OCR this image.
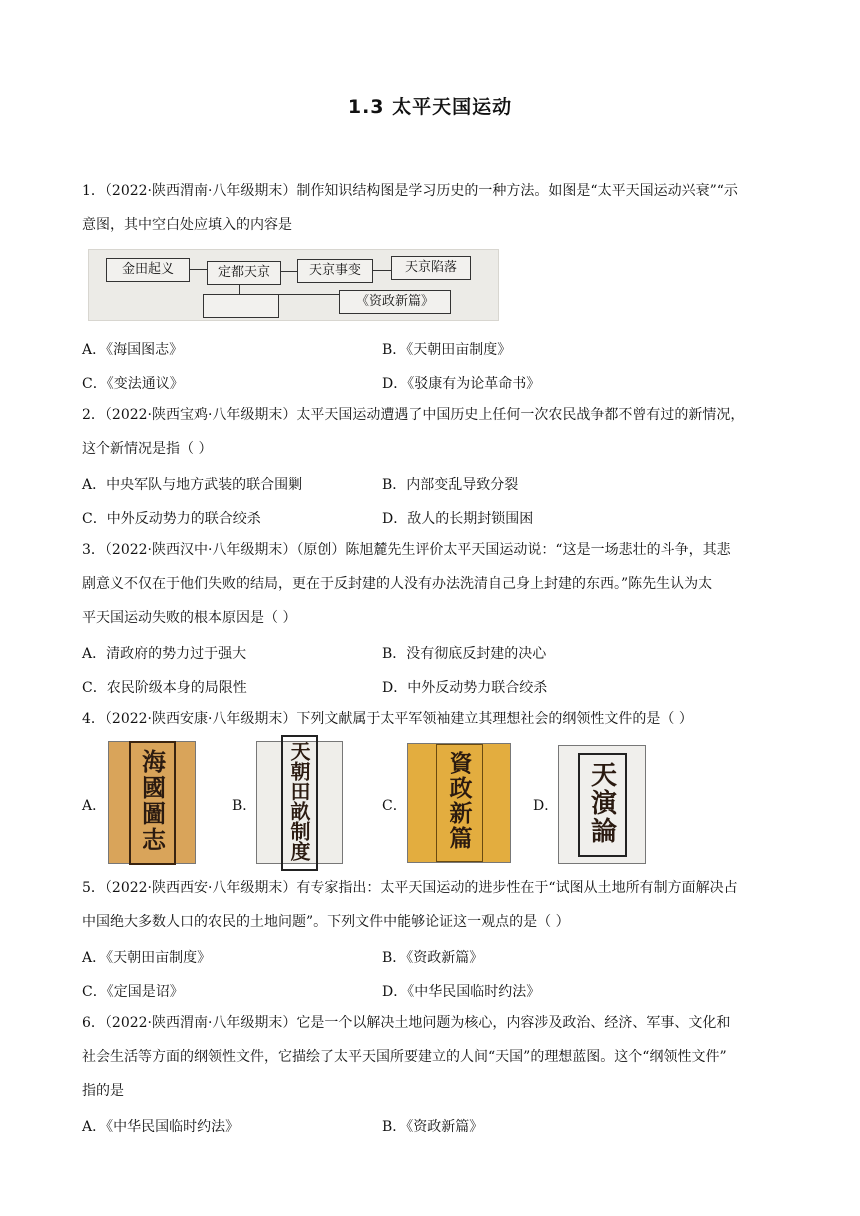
1.3 太平天国运动
1．（2022·陕西渭南·八年级期末）制作知识结构图是学习历史的一种方法。如图是“太平天国运动兴衰”“示
意图，其中空白处应填入的内容是
金田起义	定都天京	天京事变	天京陷落
《资政新篇》
A．《海国图志》	B．《天朝田亩制度》
C．《变法通议》	D．《驳康有为论革命书》
2．（2022·陕西宝鸡·八年级期末）太平天国运动遭遇了中国历史上任何一次农民战争都不曾有过的新情况，
这个新情况是指（ ）
A．中央军队与地方武装的联合围剿	B．内部变乱导致分裂
C．中外反动势力的联合绞杀	D．敌人的长期封锁围困
3．（2022·陕西汉中·八年级期末）（原创）陈旭麓先生评价太平天国运动说：“这是一场悲壮的斗争，其悲
剧意义不仅在于他们失败的结局，更在于反封建的人没有办法洗清自己身上封建的东西。”陈先生认为太
平天国运动失败的根本原因是（ ）
A．清政府的势力过于强大	B．没有彻底反封建的决心
C．农民阶级本身的局限性	D．中外反动势力联合绞杀
4．（2022·陕西安康·八年级期末）下列文献属于太平军领袖建立其理想社会的纲领性文件的是（ ）
A．	海國圖志	B．	天朝田畝制度	C．	資政新篇	D．	天演論
5．（2022·陕西西安·八年级期末）有专家指出：太平天国运动的进步性在于“试图从土地所有制方面解决占
中国绝大多数人口的农民的土地问题”。下列文件中能够论证这一观点的是（ ）
A．《天朝田亩制度》	B．《资政新篇》
C．《定国是诏》	D．《中华民国临时约法》
6．（2022·陕西渭南·八年级期末）它是一个以解决土地问题为核心，内容涉及政治、经济、军事、文化和
社会生活等方面的纲领性文件，它描绘了太平天国所要建立的人间“天国”的理想蓝图。这个“纲领性文件”
指的是
A．《中华民国临时约法》	B．《资政新篇》
